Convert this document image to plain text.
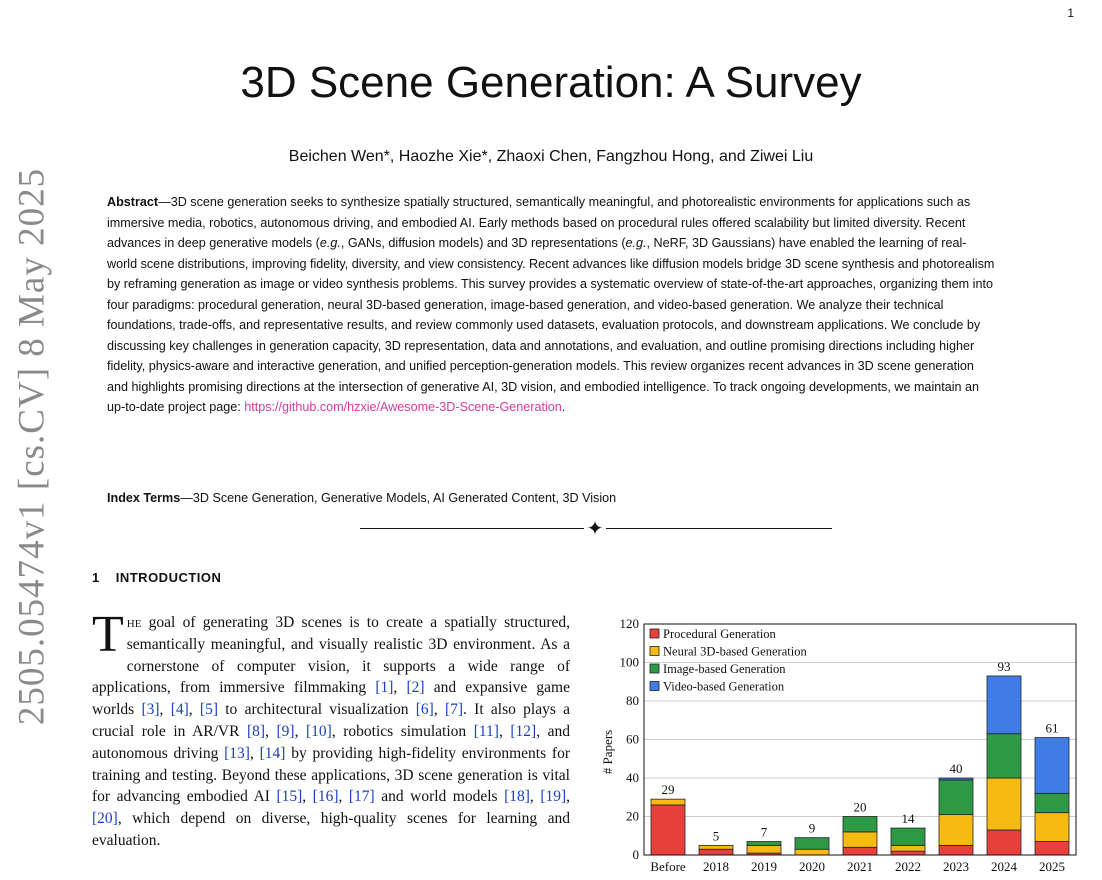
1
2505.05474v1 [cs.CV] 8 May 2025
3D Scene Generation: A Survey
Beichen Wen*, Haozhe Xie*, Zhaoxi Chen, Fangzhou Hong, and Ziwei Liu

Abstract—3D scene generation seeks to synthesize spatially structured, semantically meaningful, and photorealistic environments for applications such as immersive media, robotics, autonomous driving, and embodied AI. Early methods based on procedural rules offered scalability but limited diversity. Recent advances in deep generative models (e.g., GANs, diffusion models) and 3D representations (e.g., NeRF, 3D Gaussians) have enabled the learning of real-world scene distributions, improving fidelity, diversity, and view consistency. Recent advances like diffusion models bridge 3D scene synthesis and photorealism by reframing generation as image or video synthesis problems. This survey provides a systematic overview of state-of-the-art approaches, organizing them into four paradigms: procedural generation, neural 3D-based generation, image-based generation, and video-based generation. We analyze their technical foundations, trade-offs, and representative results, and review commonly used datasets, evaluation protocols, and downstream applications. We conclude by discussing key challenges in generation capacity, 3D representation, data and annotations, and evaluation, and outline promising directions including higher fidelity, physics-aware and interactive generation, and unified perception-generation models. This review organizes recent advances in 3D scene generation and highlights promising directions at the intersection of generative AI, 3D vision, and embodied intelligence. To track ongoing developments, we maintain an up-to-date project page: https://github.com/hzxie/Awesome-3D-Scene-Generation.

Index Terms—3D Scene Generation, Generative Models, AI Generated Content, 3D Vision
✦
1 INTRODUCTION

The goal of generating 3D scenes is to create a spatially structured, semantically meaningful, and visually realistic 3D environment. As a cornerstone of computer vision, it supports a wide range of applications, from immersive filmmaking [1], [2] and expansive game worlds [3], [4], [5] to architectural visualization [6], [7]. It also plays a crucial role in AR/VR [8], [9], [10], robotics simulation [11], [12], and autonomous driving [13], [14] by providing high-fidelity environments for training and testing. Beyond these applications, 3D scene generation is vital for advancing embodied AI [15], [16], [17] and world models [18], [19], [20], which depend on diverse, high-quality scenes for learning and evaluation.

0
20
40
60
80
100
120
29
Before
5
2018
7
2019
9
2020
20
2021
14
2022
40
2023
93
2024
61
2025
Procedural Generation
Neural 3D-based Generation
Image-based Generation
Video-based Generation
# Papers
